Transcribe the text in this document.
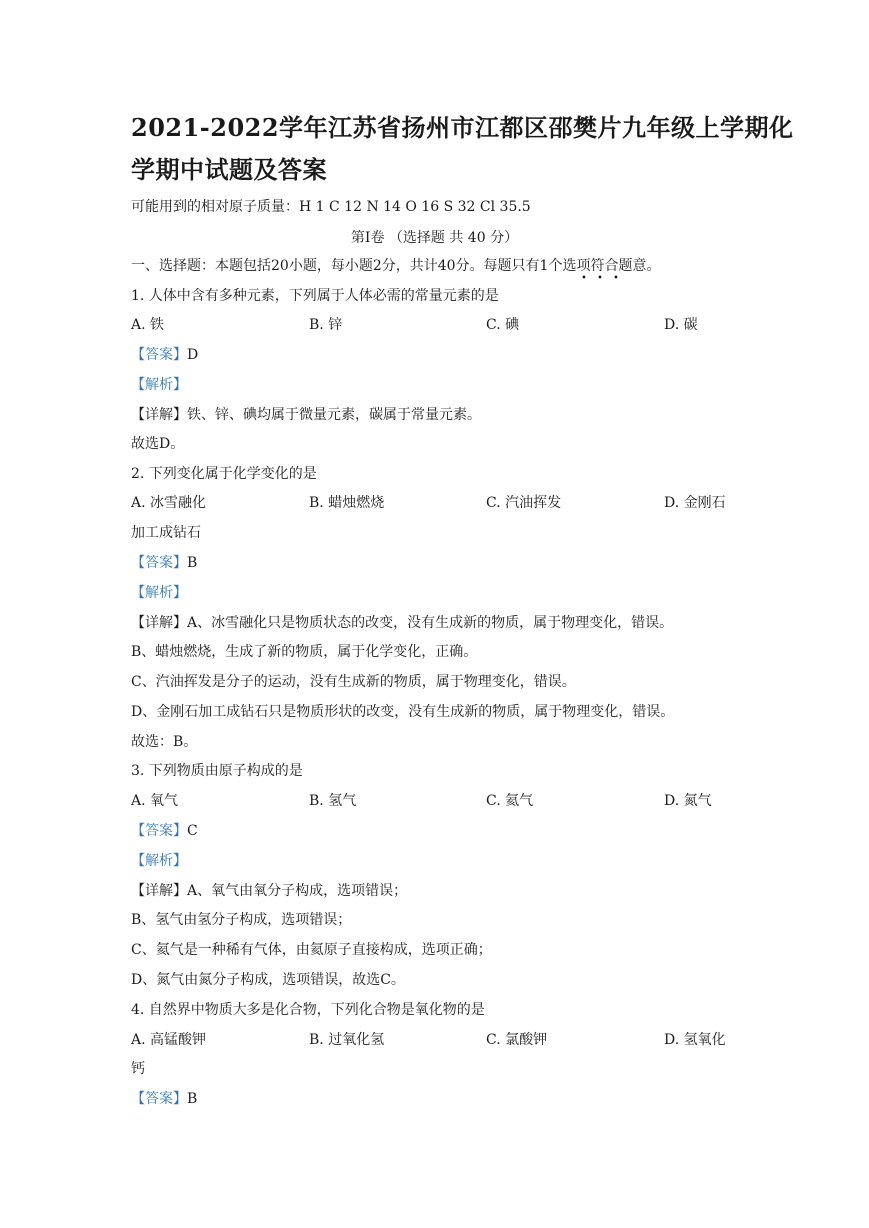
2021-2022学年江苏省扬州市江都区邵樊片九年级上学期化
学期中试题及答案
可能用到的相对原子质量：H 1 C 12 N 14 O 16 S 32 Cl 35.5
第Ⅰ卷 （选择题 共 40 分）
一、选择题：本题包括20小题，每小题2分，共计40分。每题只有1个选项符合题意。
• • •
1. 人体中含有多种元素，下列属于人体必需的常量元素的是
A. 铁	B. 锌	C. 碘	D. 碳
【答案】D
【解析】
【详解】铁、锌、碘均属于微量元素，碳属于常量元素。
故选D。
2. 下列变化属于化学变化的是
A. 冰雪融化	B. 蜡烛燃烧	C. 汽油挥发	D. 金刚石
加工成钻石
【答案】B
【解析】
【详解】A、冰雪融化只是物质状态的改变，没有生成新的物质，属于物理变化，错误。
B、蜡烛燃烧，生成了新的物质，属于化学变化，正确。
C、汽油挥发是分子的运动，没有生成新的物质，属于物理变化，错误。
D、金刚石加工成钻石只是物质形状的改变，没有生成新的物质，属于物理变化，错误。
故选：B。
3. 下列物质由原子构成的是
A. 氧气	B. 氢气	C. 氦气	D. 氮气
【答案】C
【解析】
【详解】A、氧气由氧分子构成，选项错误；
B、氢气由氢分子构成，选项错误；
C、氦气是一种稀有气体，由氦原子直接构成，选项正确；
D、氮气由氮分子构成，选项错误，故选C。
4. 自然界中物质大多是化合物，下列化合物是氧化物的是
A. 高锰酸钾	B. 过氧化氢	C. 氯酸钾	D. 氢氧化
钙
【答案】B
